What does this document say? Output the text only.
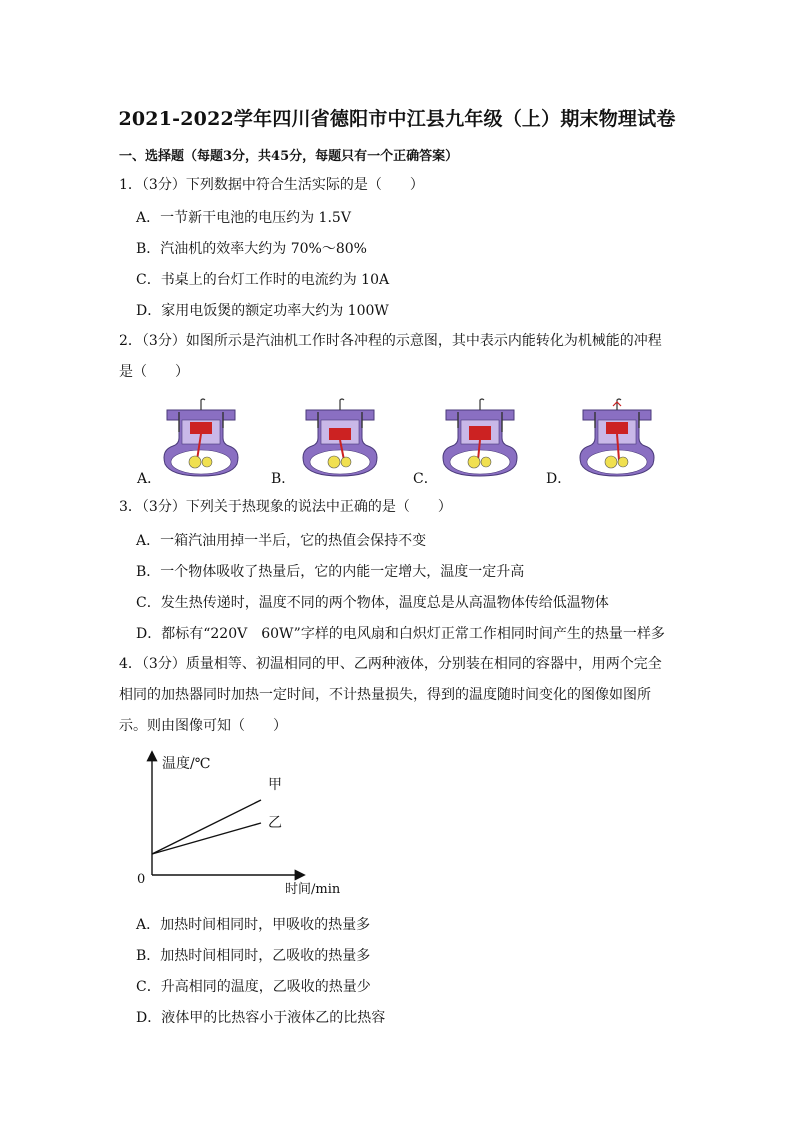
2021-2022学年四川省德阳市中江县九年级（上）期末物理试卷
一、选择题（每题3分，共45分，每题只有一个正确答案）
1．（3分）下列数据中符合生活实际的是（　　）
A．一节新干电池的电压约为 1.5V
B．汽油机的效率大约为 70%～80%
C．书桌上的台灯工作时的电流约为 10A
D．家用电饭煲的额定功率大约为 100W
2．（3分）如图所示是汽油机工作时各冲程的示意图，其中表示内能转化为机械能的冲程
是（　　）
A．	B．	C．	D．
3．（3分）下列关于热现象的说法中正确的是（　　）
A．一箱汽油用掉一半后，它的热值会保持不变
B．一个物体吸收了热量后，它的内能一定增大，温度一定升高
C．发生热传递时，温度不同的两个物体，温度总是从高温物体传给低温物体
D．都标有“220V　60W”字样的电风扇和白炽灯正常工作相同时间产生的热量一样多
4．（3分）质量相等、初温相同的甲、乙两种液体，分别装在相同的容器中，用两个完全
相同的加热器同时加热一定时间，不计热量损失，得到的温度随时间变化的图像如图所
示。则由图像可知（　　）
温度/℃
时间/min
0
甲
乙
A．加热时间相同时，甲吸收的热量多
B．加热时间相同时，乙吸收的热量多
C．升高相同的温度，乙吸收的热量少
D．液体甲的比热容小于液体乙的比热容
